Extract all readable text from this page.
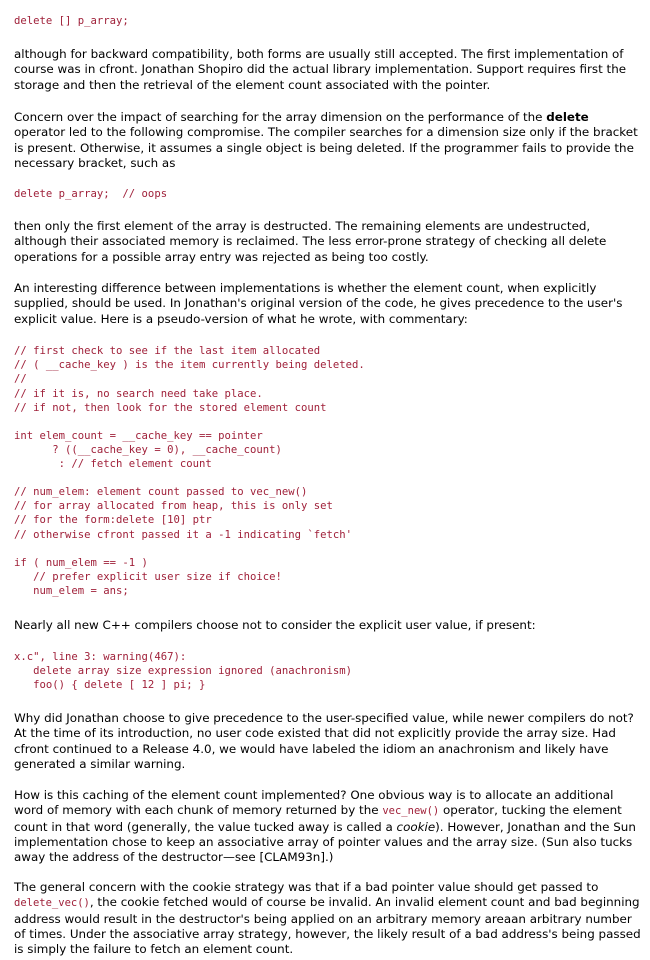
delete [] p_array;

although for backward compatibility, both forms are usually still accepted. The first implementation of course was in cfront. Jonathan Shopiro did the actual library implementation. Support requires first the storage and then the retrieval of the element count associated with the pointer.

Concern over the impact of searching for the array dimension on the performance of the delete operator led to the following compromise. The compiler searches for a dimension size only if the bracket is present. Otherwise, it assumes a single object is being deleted. If the programmer fails to provide the necessary bracket, such as

delete p_array;  // oops

then only the first element of the array is destructed. The remaining elements are undestructed, although their associated memory is reclaimed. The less error-prone strategy of checking all delete operations for a possible array entry was rejected as being too costly.

An interesting difference between implementations is whether the element count, when explicitly supplied, should be used. In Jonathan's original version of the code, he gives precedence to the user's explicit value. Here is a pseudo-version of what he wrote, with commentary:

// first check to see if the last item allocated
// ( __cache_key ) is the item currently being deleted.
//
// if it is, no search need take place.
// if not, then look for the stored element count
int elem_count = __cache_key == pointer
? ((__cache_key = 0), __cache_count)
: // fetch element count
// num_elem: element count passed to vec_new()
// for array allocated from heap, this is only set
// for the form:delete [10] ptr
// otherwise cfront passed it a -1 indicating `fetch'
if ( num_elem == -1 )
// prefer explicit user size if choice!
num_elem = ans;

Nearly all new C++ compilers choose not to consider the explicit user value, if present:

x.c", line 3: warning(467):
delete array size expression ignored (anachronism)
foo() { delete [ 12 ] pi; }

Why did Jonathan choose to give precedence to the user-specified value, while newer compilers do not? At the time of its introduction, no user code existed that did not explicitly provide the array size. Had cfront continued to a Release 4.0, we would have labeled the idiom an anachronism and likely have generated a similar warning.

How is this caching of the element count implemented? One obvious way is to allocate an additional word of memory with each chunk of memory returned by the vec_new() operator, tucking the element count in that word (generally, the value tucked away is called a cookie). However, Jonathan and the Sun implementation chose to keep an associative array of pointer values and the array size. (Sun also tucks away the address of the destructor—see [CLAM93n].)

The general concern with the cookie strategy was that if a bad pointer value should get passed to delete_vec(), the cookie fetched would of course be invalid. An invalid element count and bad beginning address would result in the destructor's being applied on an arbitrary memory areaan arbitrary number of times. Under the associative array strategy, however, the likely result of a bad address's being passed is simply the failure to fetch an element count.
